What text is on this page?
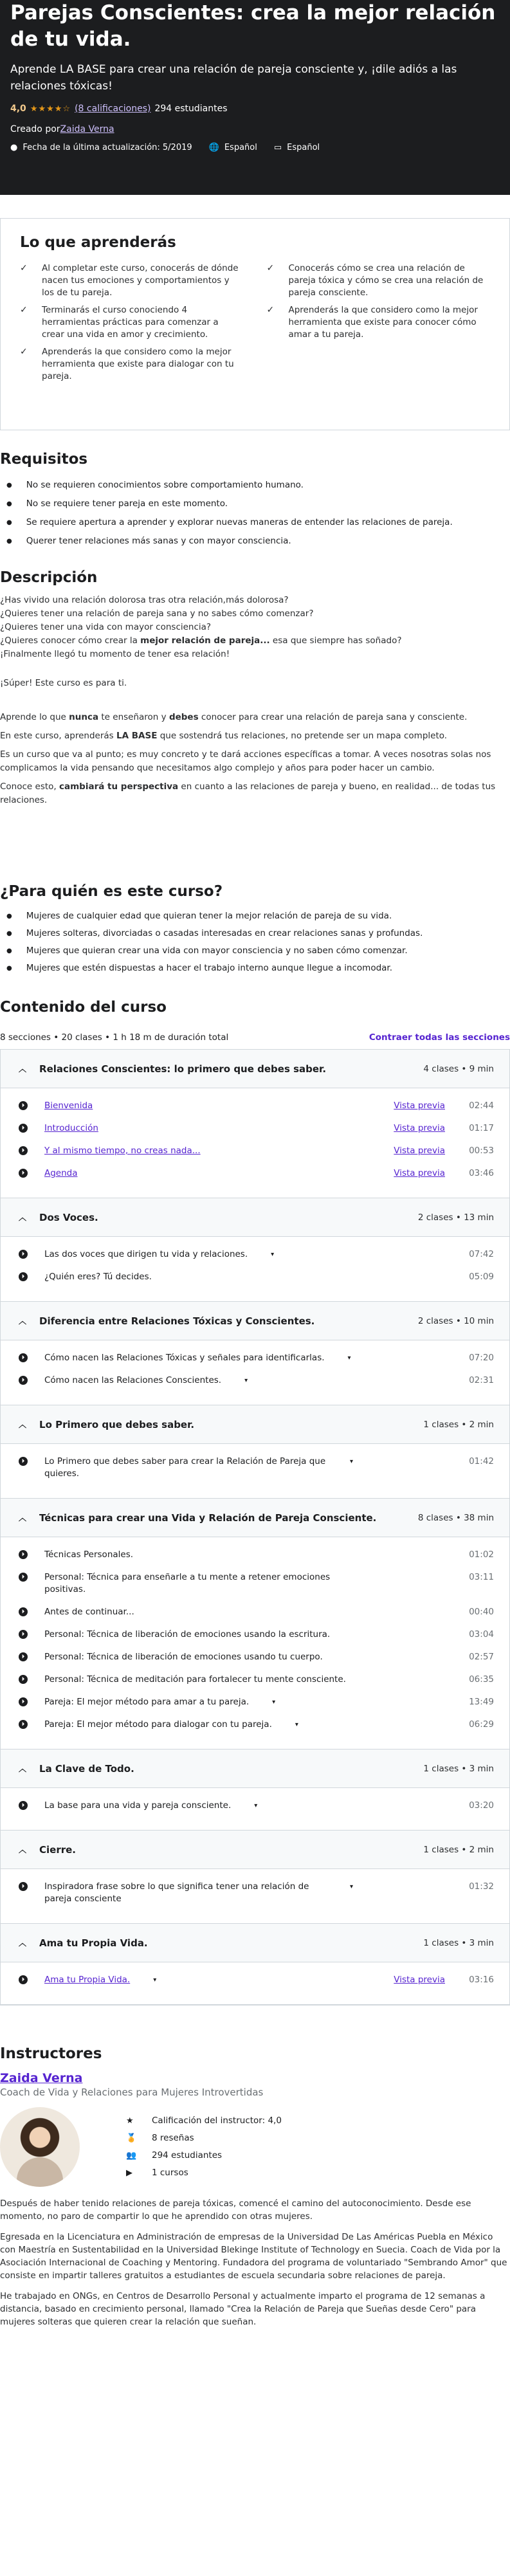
Parejas Conscientes: crea la mejor relación de tu vida.
Aprende LA BASE para crear una relación de pareja consciente y, ¡dile adiós a las relaciones tóxicas!
4,0 ★★★★☆ (8 calificaciones) 294 estudiantes
Creado porZaida Verna
● Fecha de la última actualización: 5/2019 🌐 Español ▭ Español
Lo que aprenderás
✓	Al completar este curso, conocerás de dónde nacen tus emociones y comportamientos y los de tu pareja.
✓	Conocerás cómo se crea una relación de pareja tóxica y cómo se crea una relación de pareja consciente.
✓	Terminarás el curso conociendo 4 herramientas prácticas para comenzar a crear una vida en amor y crecimiento.
✓	Aprenderás la que considero como la mejor herramienta que existe para conocer cómo amar a tu pareja.
✓	Aprenderás la que considero como la mejor herramienta que existe para dialogar con tu pareja.
Requisitos
● No se requieren conocimientos sobre comportamiento humano.
● No se requiere tener pareja en este momento.
● Se requiere apertura a aprender y explorar nuevas maneras de entender las relaciones de pareja.
● Querer tener relaciones más sanas y con mayor consciencia.
Descripción

¿Has vivido una relación dolorosa tras otra relación,más dolorosa?

¿Quieres tener una relación de pareja sana y no sabes cómo comenzar?

¿Quieres tener una vida con mayor consciencia?

¿Quieres conocer cómo crear la mejor relación de pareja... esa que siempre has soñado?

¡Finalmente llegó tu momento de tener esa relación!

¡Súper! Este curso es para ti.

Aprende lo que nunca te enseñaron y debes conocer para crear una relación de pareja sana y consciente.

En este curso, aprenderás LA BASE que sostendrá tus relaciones, no pretende ser un mapa completo.

Es un curso que va al punto; es muy concreto y te dará acciones específicas a tomar. A veces nosotras solas nos complicamos la vida pensando que necesitamos algo complejo y años para poder hacer un cambio.

Conoce esto, cambiará tu perspectiva en cuanto a las relaciones de pareja y bueno, en realidad... de todas tus relaciones.

¿Para quién es este curso?
● Mujeres de cualquier edad que quieran tener la mejor relación de pareja de su vida.
● Mujeres solteras, divorciadas o casadas interesadas en crear relaciones sanas y profundas.
● Mujeres que quieran crear una vida con mayor consciencia y no saben cómo comenzar.
● Mujeres que estén dispuestas a hacer el trabajo interno aunque llegue a incomodar.
Contenido del curso
8 secciones • 20 clases • 1 h 18 m de duración total	Contraer todas las secciones
︿ Relaciones Conscientes: lo primero que debes saber.	4 clases • 9 min
⏵	Bienvenida	Vista previa	02:44
⏵	Introducción	Vista previa	01:17
⏵	Y al mismo tiempo, no creas nada...	Vista previa	00:53
⏵	Agenda	Vista previa	03:46
︿ Dos Voces.	2 clases • 13 min
⏵	Las dos voces que dirigen tu vida y relaciones.	▾	07:42
⏵	¿Quién eres? Tú decides.	05:09
︿ Diferencia entre Relaciones Tóxicas y Conscientes.	2 clases • 10 min
⏵	Cómo nacen las Relaciones Tóxicas y señales para identificarlas.	▾	07:20
⏵	Cómo nacen las Relaciones Conscientes.	▾	02:31
︿ Lo Primero que debes saber.	1 clases • 2 min
⏵	Lo Primero que debes saber para crear la Relación de Pareja que quieres.
▾	01:42
︿ Técnicas para crear una Vida y Relación de Pareja Consciente.	8 clases • 38 min
⏵	Técnicas Personales.	01:02
⏵	Personal: Técnica para enseñarle a tu mente a retener emociones positivas.
03:11
⏵	Antes de continuar...	00:40
⏵	Personal: Técnica de liberación de emociones usando la escritura.	03:04
⏵	Personal: Técnica de liberación de emociones usando tu cuerpo.	02:57
⏵	Personal: Técnica de meditación para fortalecer tu mente consciente.	06:35
⏵	Pareja: El mejor método para amar a tu pareja.	▾	13:49
⏵	Pareja: El mejor método para dialogar con tu pareja.	▾	06:29
︿ La Clave de Todo.	1 clases • 3 min
⏵	La base para una vida y pareja consciente.	▾	03:20
︿ Cierre.	1 clases • 2 min
⏵	Inspiradora frase sobre lo que significa tener una relación de pareja consciente
▾	01:32
︿ Ama tu Propia Vida.	1 clases • 3 min
⏵	Ama tu Propia Vida.	▾	Vista previa	03:16
Instructores
Zaida Verna
Coach de Vida y Relaciones para Mujeres Introvertidas
★ Calificación del instructor: 4,0
🏅 8 reseñas
👥 294 estudiantes
▶ 1 cursos

Después de haber tenido relaciones de pareja tóxicas, comencé el camino del autoconocimiento. Desde ese momento, no paro de compartir lo que he aprendido con otras mujeres.

Egresada en la Licenciatura en Administración de empresas de la Universidad De Las Américas Puebla en México con Maestría en Sustentabilidad en la Universidad Blekinge Institute of Technology en Suecia. Coach de Vida por la Asociación Internacional de Coaching y Mentoring. Fundadora del programa de voluntariado "Sembrando Amor" que consiste en impartir talleres gratuitos a estudiantes de escuela secundaria sobre relaciones de pareja.

He trabajado en ONGs, en Centros de Desarrollo Personal y actualmente imparto el programa de 12 semanas a distancia, basado en crecimiento personal, llamado "Crea la Relación de Pareja que Sueñas desde Cero" para mujeres solteras que quieren crear la relación que sueñan.
